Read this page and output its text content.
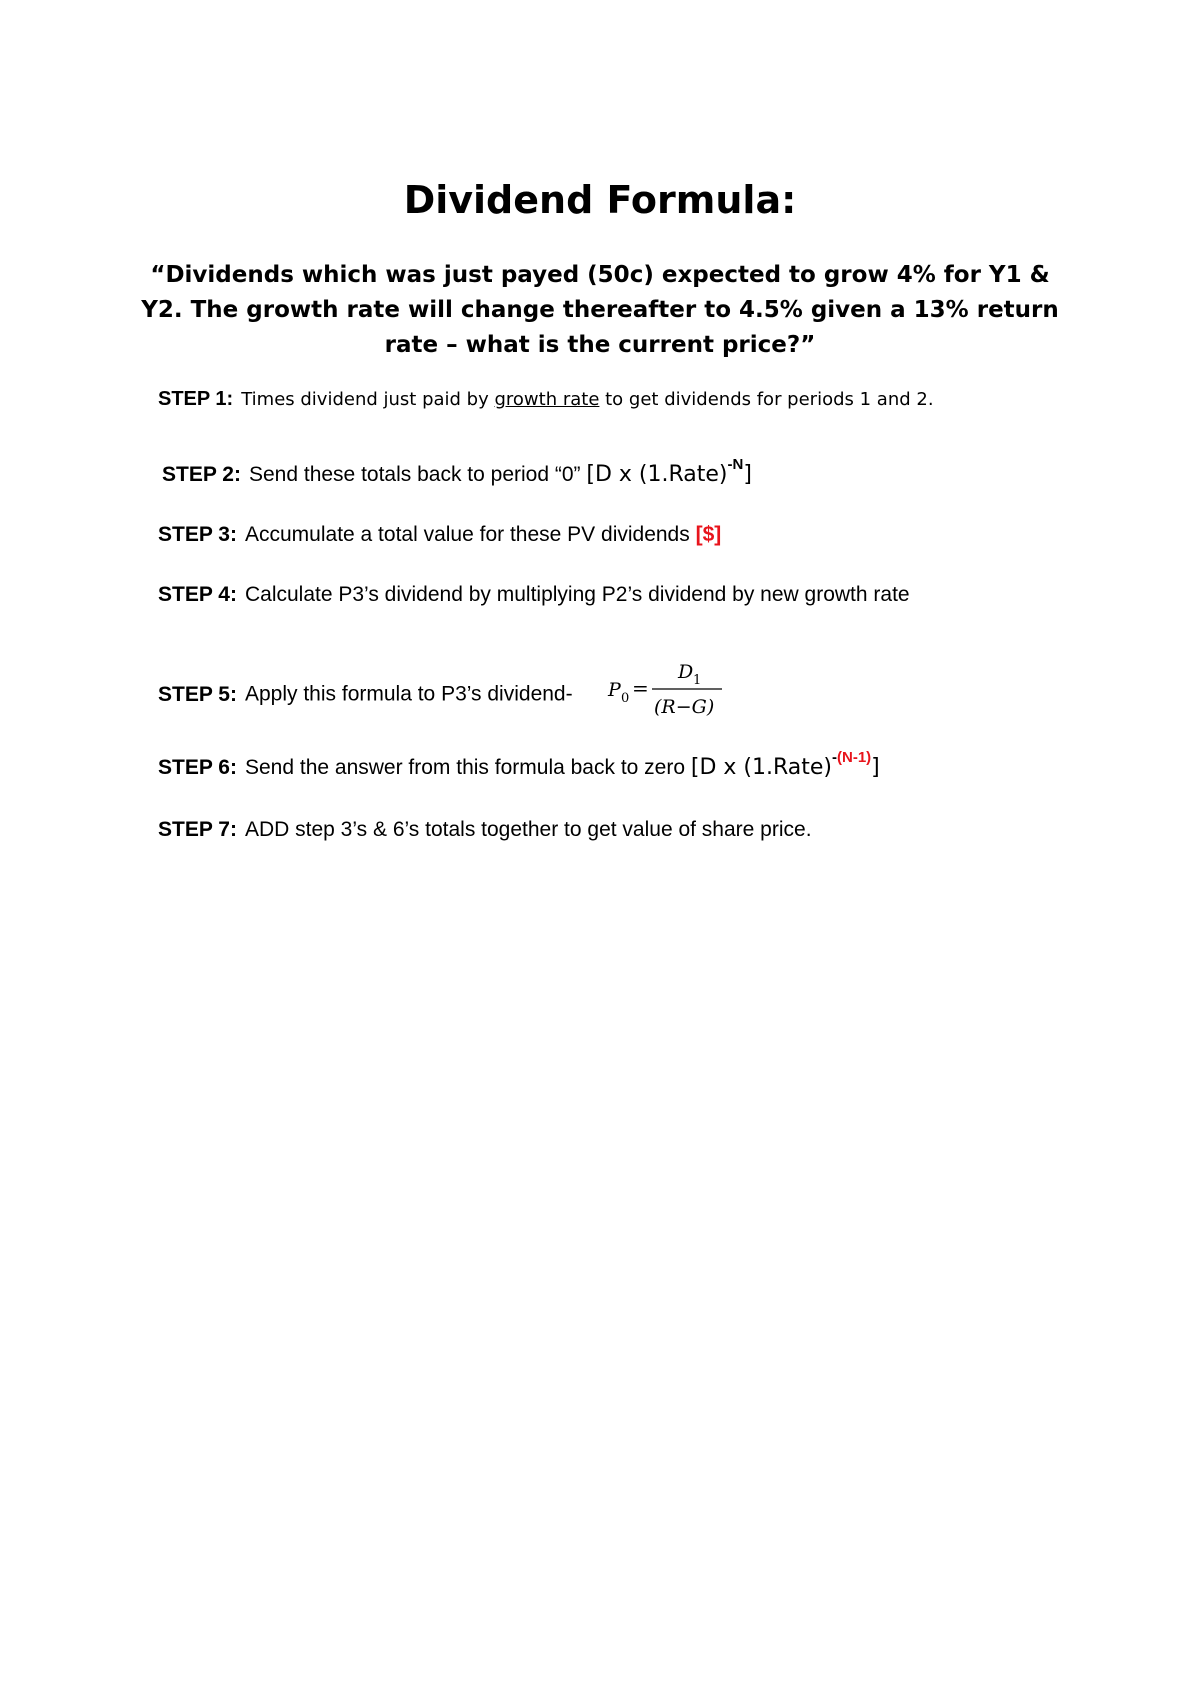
Dividend Formula:
“Dividends which was just payed (50c) expected to grow 4% for Y1 & Y2. The growth rate will change thereafter to 4.5% given a 13% return rate – what is the current price?”
STEP 1: Times dividend just paid by growth rate to get dividends for periods 1 and 2.
STEP 2: Send these totals back to period “0” [D x (1.Rate)$^{-N}$]
STEP 3: Accumulate a total value for these PV dividends [$]
STEP 4: Calculate P3’s dividend by multiplying P2’s dividend by new growth rate
STEP 5: Apply this formula to P3’s dividend- P 0 =
D 1
(R−G)
STEP 6: Send the answer from this formula back to zero [D x (1.Rate)$^{-(N-1)}$]
STEP 7: ADD step 3’s & 6’s totals together to get value of share price.
